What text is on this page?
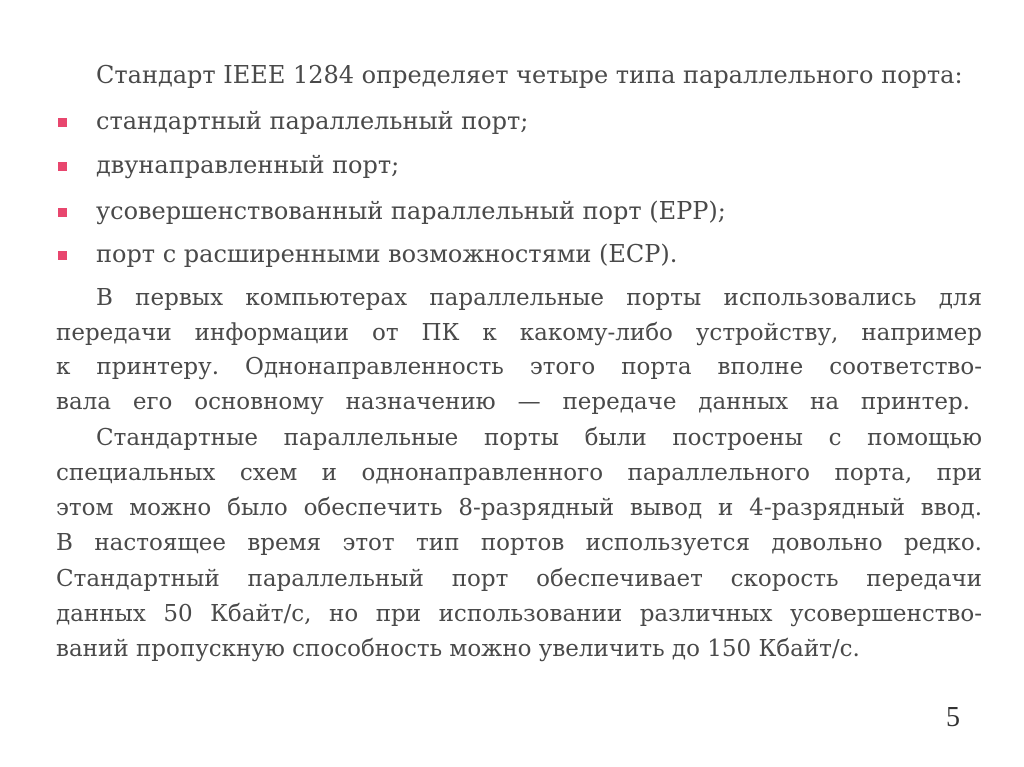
Стандарт IEEE 1284 определяет четыре типа параллельного порта:
стандартный параллельный порт;
двунаправленный порт;
усовершенствованный параллельный порт (EPP);
порт с расширенными возможностями (ECP).
В первых компьютерах параллельные порты использовались для
передачи информации от ПК к какому-либо устройству, например
к принтеру. Однонаправленность этого порта вполне соответство-
вала его основному назначению — передаче данных на принтер.
Стандартные параллельные порты были построены с помощью
специальных схем и однонаправленного параллельного порта, при
этом можно было обеспечить 8-разрядный вывод и 4-разрядный ввод.
В настоящее время этот тип портов используется довольно редко.
Стандартный параллельный порт обеспечивает скорость передачи
данных 50 Кбайт/с, но при использовании различных усовершенство-
ваний пропускную способность можно увеличить до 150 Кбайт/с.
5
